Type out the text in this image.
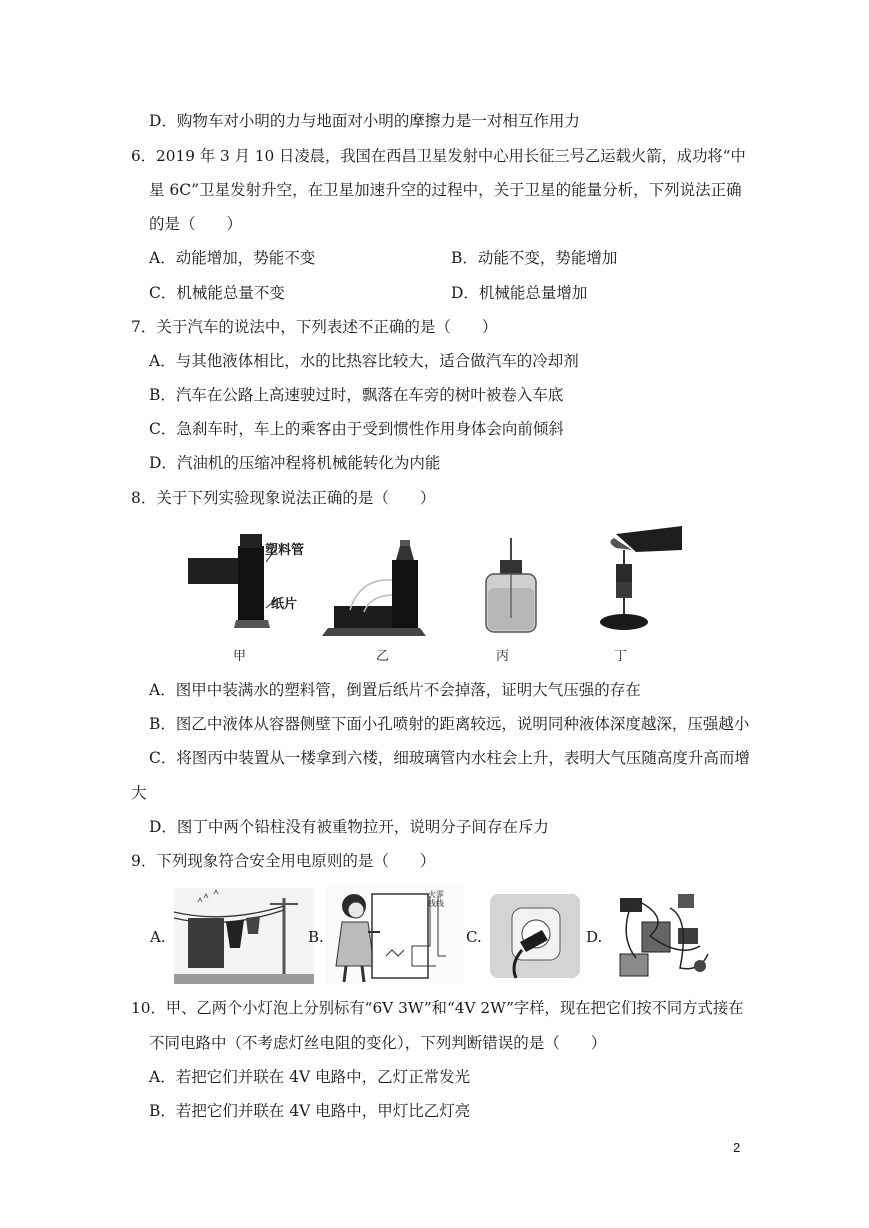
D．购物车对小明的力与地面对小明的摩擦力是一对相互作用力
6．2019 年 3 月 10 日凌晨，我国在西昌卫星发射中心用长征三号乙运载火箭，成功将“中
星 6C”卫星发射升空，在卫星加速升空的过程中，关于卫星的能量分析，下列说法正确
的是（　　）
A．动能增加，势能不变	B．动能不变，势能增加
C．机械能总量不变	D．机械能总量增加
7．关于汽车的说法中，下列表述不正确的是（　　）
A．与其他液体相比，水的比热容比较大，适合做汽车的冷却剂
B．汽车在公路上高速驶过时，飘落在车旁的树叶被卷入车底
C．急刹车时，车上的乘客由于受到惯性作用身体会向前倾斜
D．汽油机的压缩冲程将机械能转化为内能
8．关于下列实验现象说法正确的是（　　）
塑料管
纸片
甲	乙	丙	丁
A．图甲中装满水的塑料管，倒置后纸片不会掉落，证明大气压强的存在
B．图乙中液体从容器侧壁下面小孔喷射的距离较远，说明同种液体深度越深，压强越小
C．将图丙中装置从一楼拿到六楼，细玻璃管内水柱会上升，表明大气压随高度升高而增
大
D．图丁中两个铅柱没有被重物拉开，说明分子间存在斥力
9．下列现象符合安全用电原则的是（　　）
A.	B.
火零
线线
C.	D.
10．甲、乙两个小灯泡上分别标有“6V 3W”和“4V 2W”字样，现在把它们按不同方式接在
不同电路中（不考虑灯丝电阻的变化），下列判断错误的是（　　）
A．若把它们并联在 4V 电路中，乙灯正常发光
B．若把它们并联在 4V 电路中，甲灯比乙灯亮
2
